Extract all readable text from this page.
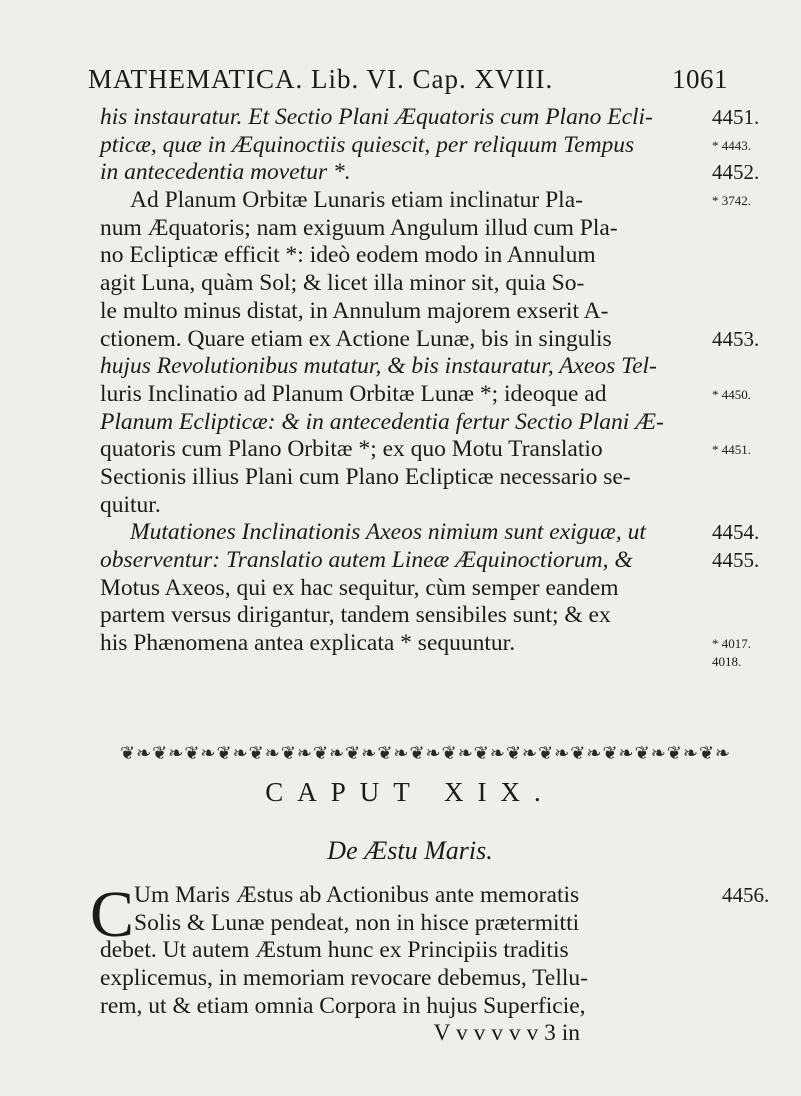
MATHEMATICA. Lib. VI. Cap. XVIII.	1061
his instauratur. Et Sectio Plani Æquatoris cum Plano Ecli-
pticæ, quæ in Æquinoctiis quiescit, per reliquum Tempus
in antecedentia movetur *.
Ad Planum Orbitæ Lunaris etiam inclinatur Pla-
num Æquatoris; nam exiguum Angulum illud cum Pla-
no Eclipticæ efficit *: ideò eodem modo in Annulum
agit Luna, quàm Sol; & licet illa minor sit, quia So-
le multo minus distat, in Annulum majorem exserit A-
ctionem. Quare etiam ex Actione Lunæ, bis in singulis
hujus Revolutionibus mutatur, & bis instauratur, Axeos Tel-
luris Inclinatio ad Planum Orbitæ Lunæ *; ideoque ad
Planum Eclipticæ: & in antecedentia fertur Sectio Plani Æ-
quatoris cum Plano Orbitæ *; ex quo Motu Translatio
Sectionis illius Plani cum Plano Eclipticæ necessario se-
quitur.
Mutationes Inclinationis Axeos nimium sunt exiguæ, ut
observentur: Translatio autem Lineæ Æquinoctiorum, &
Motus Axeos, qui ex hac sequitur, cùm semper eandem
partem versus dirigantur, tandem sensibiles sunt; & ex
his Phænomena antea explicata * sequuntur.
4451.
* 4443.
4452.
* 3742.
4453.
* 4450.
* 4451.
4454.
4455.
* 4017.
4018.
❦❧❦❧❦❧❦❧❦❧❦❧❦❧❦❧❦❧❦❧❦❧❦❧❦❧❦❧❦❧❦❧❦❧❦❧❦❧
CAPUT XIX.
De Æstu Maris.
C Um Maris Æstus ab Actionibus ante memoratis
Solis & Lunæ pendeat, non in hisce prætermitti
debet. Ut autem Æstum hunc ex Principiis traditis
explicemus, in memoriam revocare debemus, Tellu-
rem, ut & etiam omnia Corpora in hujus Superficie,
V v v v v v 3 in
4456.
